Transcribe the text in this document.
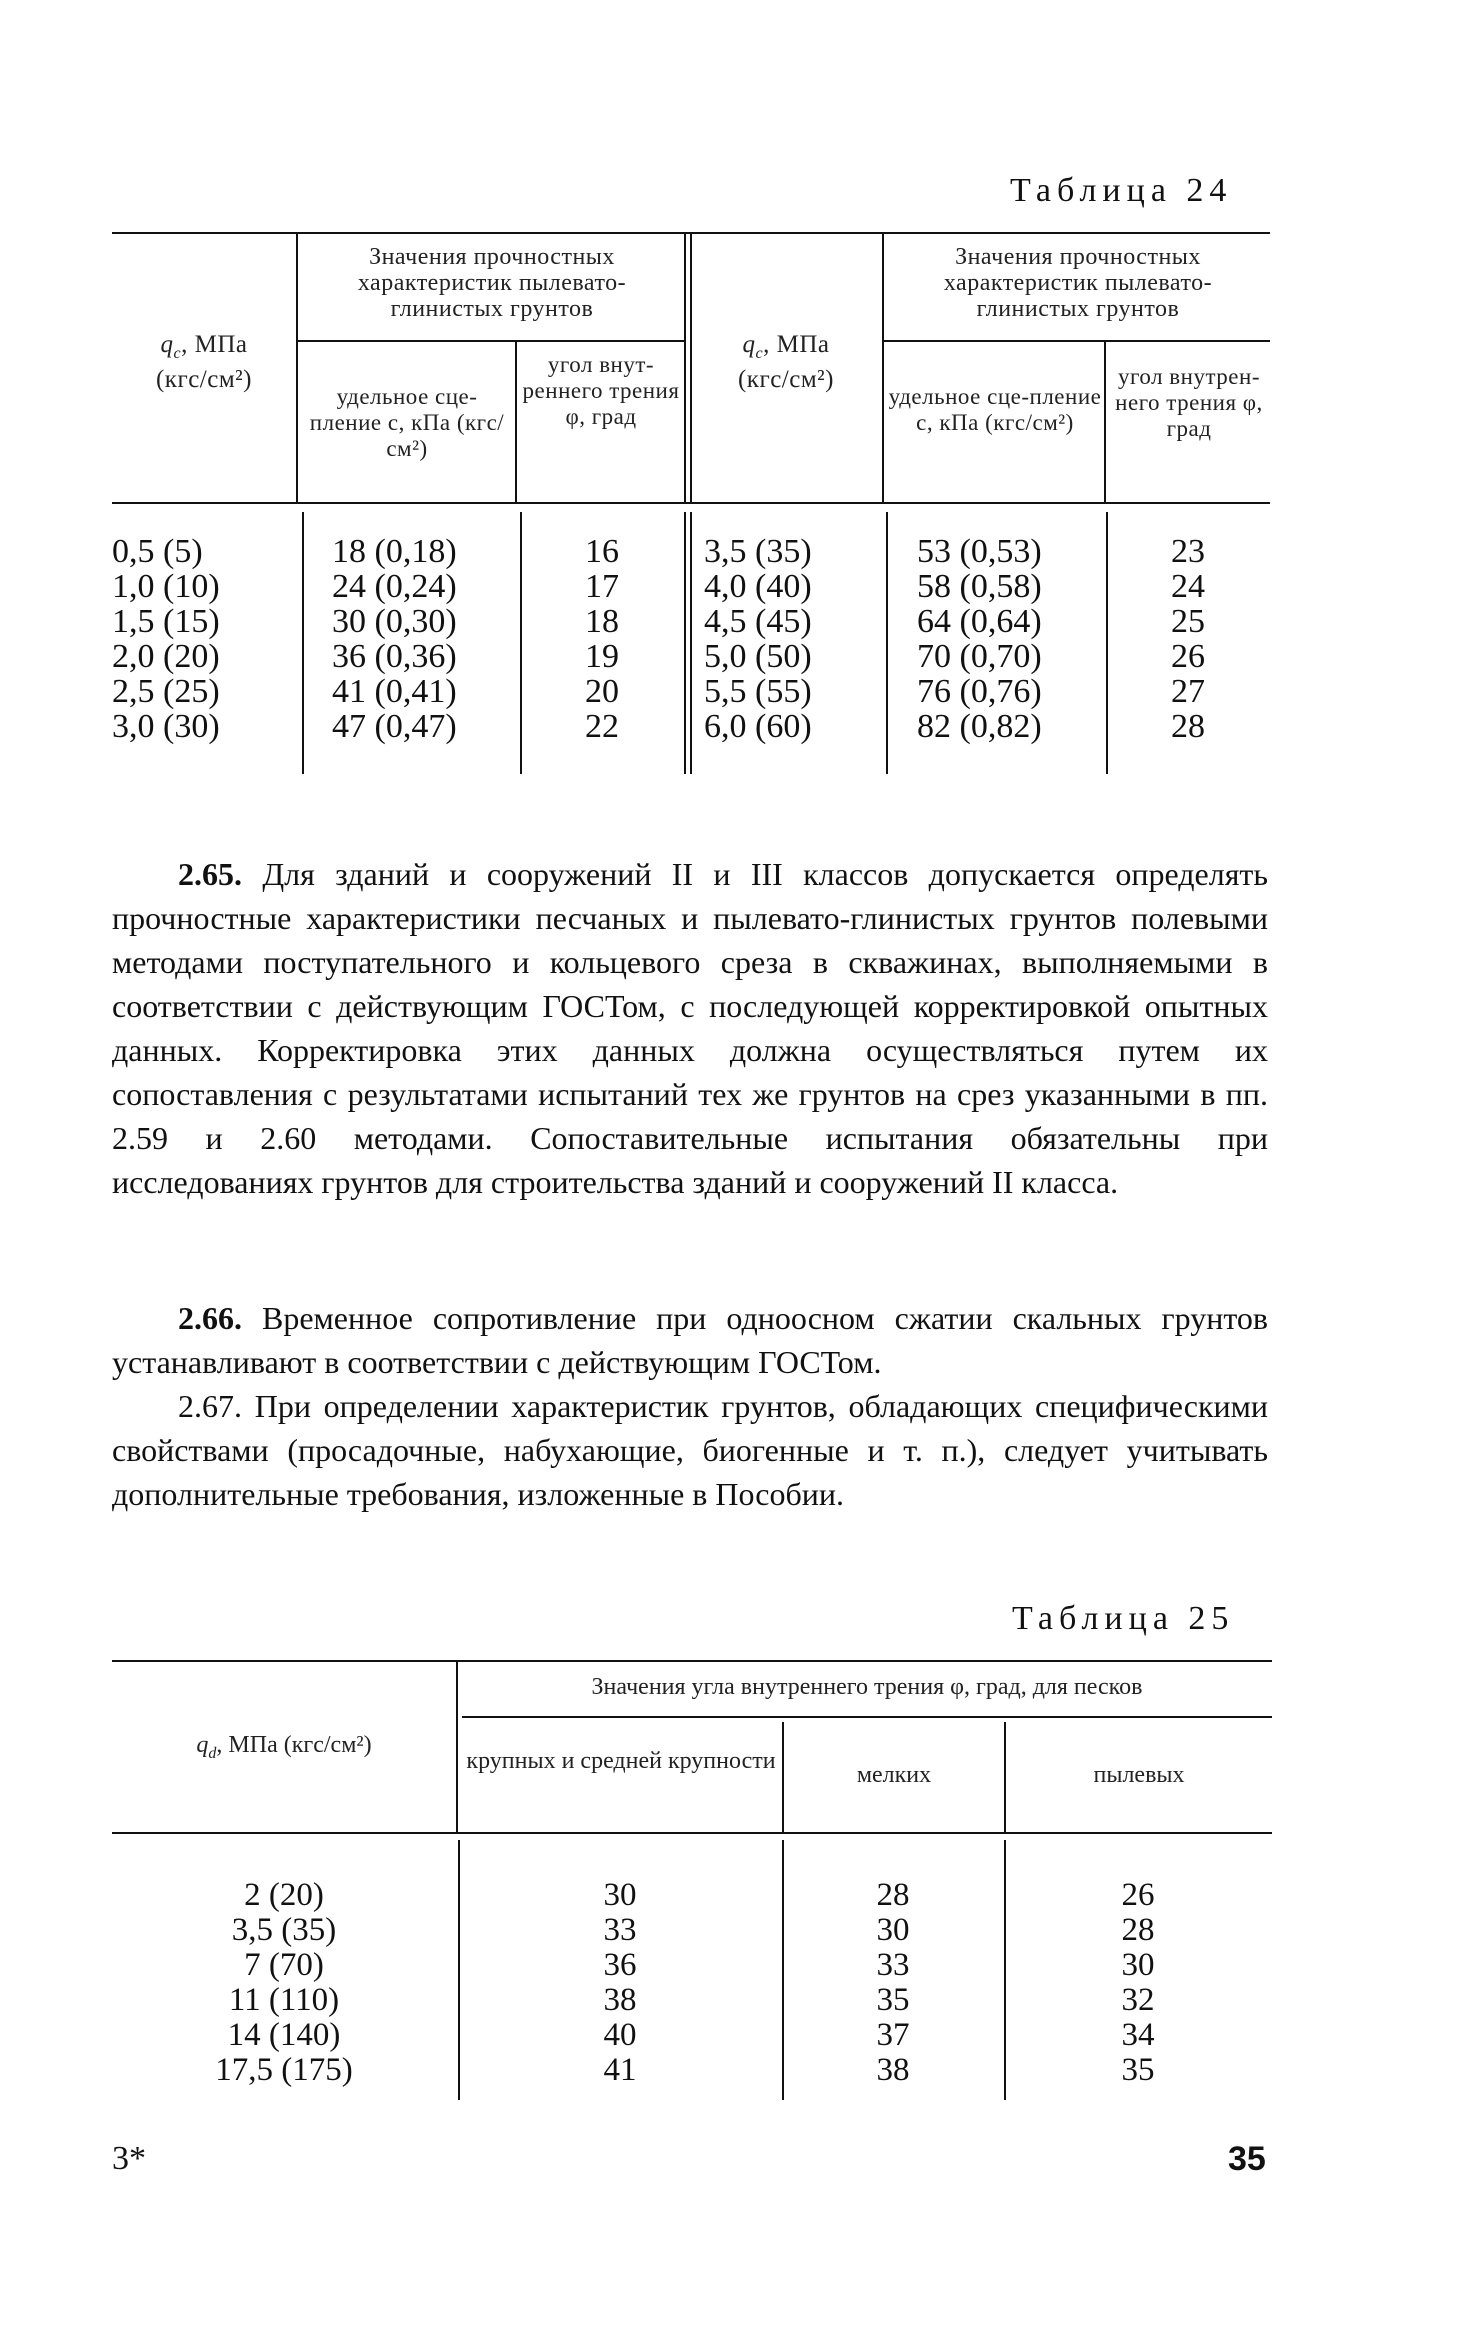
Таблица 24
$q_c$, МПа
(кгс/см²)
Значения прочностных характеристик пылевато-глинистых грунтов
удельное сце-пление c, кПа (кгс/см²)
угол внут-реннего трения φ, град
$q_c$, МПа
(кгс/см²)
Значения прочностных характеристик пылевато-глинистых грунтов
удельное сце-пление c, кПа (кгс/см²)
угол внутрен-него трения φ, град
0,5 (5)
1,0 (10)
1,5 (15)
2,0 (20)
2,5 (25)
3,0 (30)
18 (0,18)
24 (0,24)
30 (0,30)
36 (0,36)
41 (0,41)
47 (0,47)
16
17
18
19
20
22
3,5 (35)
4,0 (40)
4,5 (45)
5,0 (50)
5,5 (55)
6,0 (60)
53 (0,53)
58 (0,58)
64 (0,64)
70 (0,70)
76 (0,76)
82 (0,82)
23
24
25
26
27
28
2.65. Для зданий и сооружений II и III классов допускается определять прочностные характеристики песчаных и пылевато-глинистых грунтов полевыми методами поступательного и кольцевого среза в скважинах, выполняемыми в соответствии с действующим ГОСТом, с последующей корректировкой опытных данных. Корректировка этих данных должна осуществляться путем их сопоставления с результатами испытаний тех же грунтов на срез указанными в пп. 2.59 и 2.60 методами. Сопоставительные испытания обязательны при исследованиях грунтов для строительства зданий и сооружений II класса.
2.66. Временное сопротивление при одноосном сжатии скальных грунтов устанавливают в соответствии с действующим ГОСТом.
2.67. При определении характеристик грунтов, обладающих специфическими свойствами (просадочные, набухающие, биогенные и т. п.), следует учитывать дополнительные требования, изложенные в Пособии.
Таблица 25
$q_d$, МПа (кгс/см²)
Значения угла внутреннего трения φ, град, для песков
крупных и средней крупности
мелких	пылевых
2 (20)
3,5 (35)
7 (70)
11 (110)
14 (140)
17,5 (175)
30
33
36
38
40
41
28
30
33
35
37
38
26
28
30
32
34
35
3*	35
